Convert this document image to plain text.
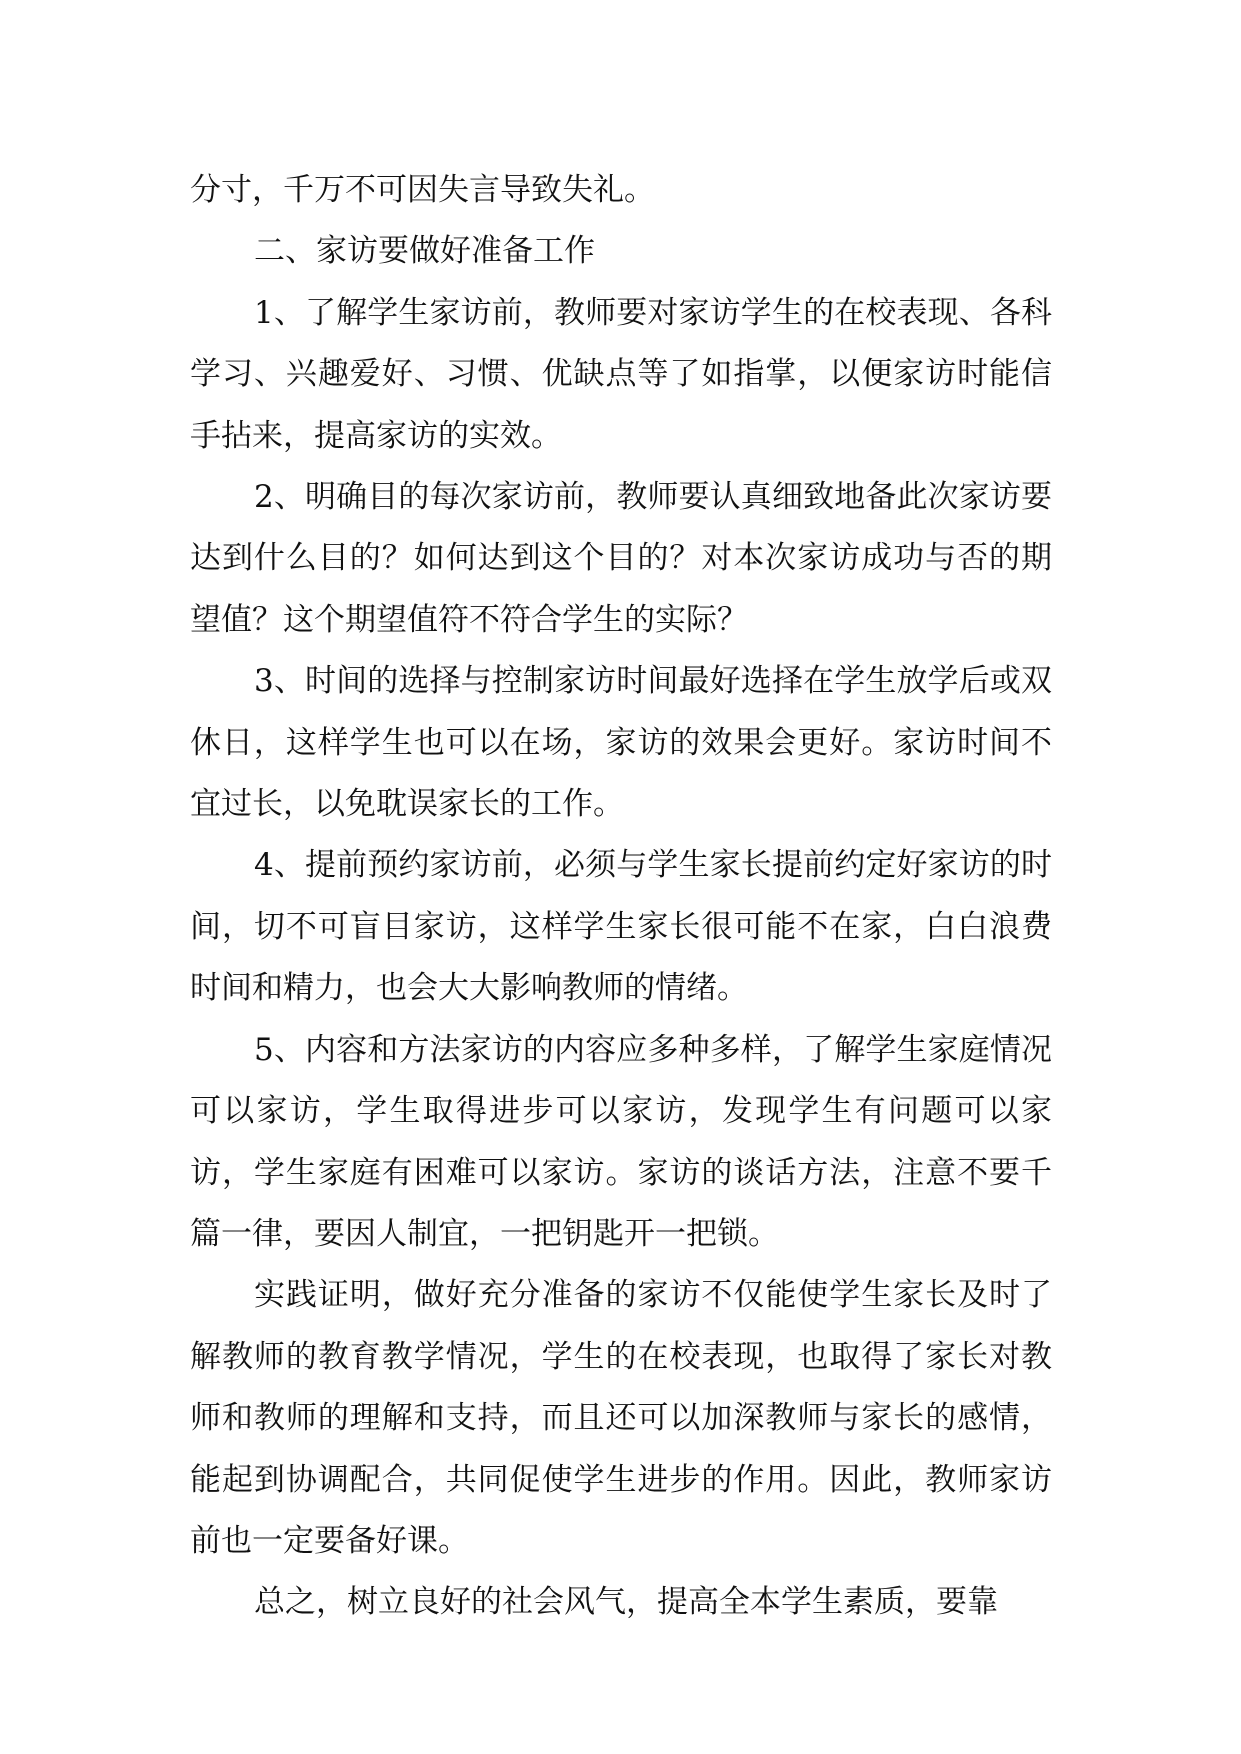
分寸，千万不可因失言导致失礼。

二、家访要做好准备工作

1、了解学生家访前，教师要对家访学生的在校表现、各科学习、兴趣爱好、习惯、优缺点等了如指掌，以便家访时能信手拈来，提高家访的实效。

2、明确目的每次家访前，教师要认真细致地备此次家访要达到什么目的？如何达到这个目的？对本次家访成功与否的期望值？这个期望值符不符合学生的实际？

3、时间的选择与控制家访时间最好选择在学生放学后或双休日，这样学生也可以在场，家访的效果会更好。家访时间不宜过长，以免耽误家长的工作。

4、提前预约家访前，必须与学生家长提前约定好家访的时间，切不可盲目家访，这样学生家长很可能不在家，白白浪费时间和精力，也会大大影响教师的情绪。

5、内容和方法家访的内容应多种多样，了解学生家庭情况可以家访，学生取得进步可以家访，发现学生有问题可以家访，学生家庭有困难可以家访。家访的谈话方法，注意不要千篇一律，要因人制宜，一把钥匙开一把锁。

实践证明，做好充分准备的家访不仅能使学生家长及时了解教师的教育教学情况，学生的在校表现，也取得了家长对教师和教师的理解和支持，而且还可以加深教师与家长的感情，能起到协调配合，共同促使学生进步的作用。因此，教师家访前也一定要备好课。

总之，树立良好的社会风气，提高全本学生素质，要靠
